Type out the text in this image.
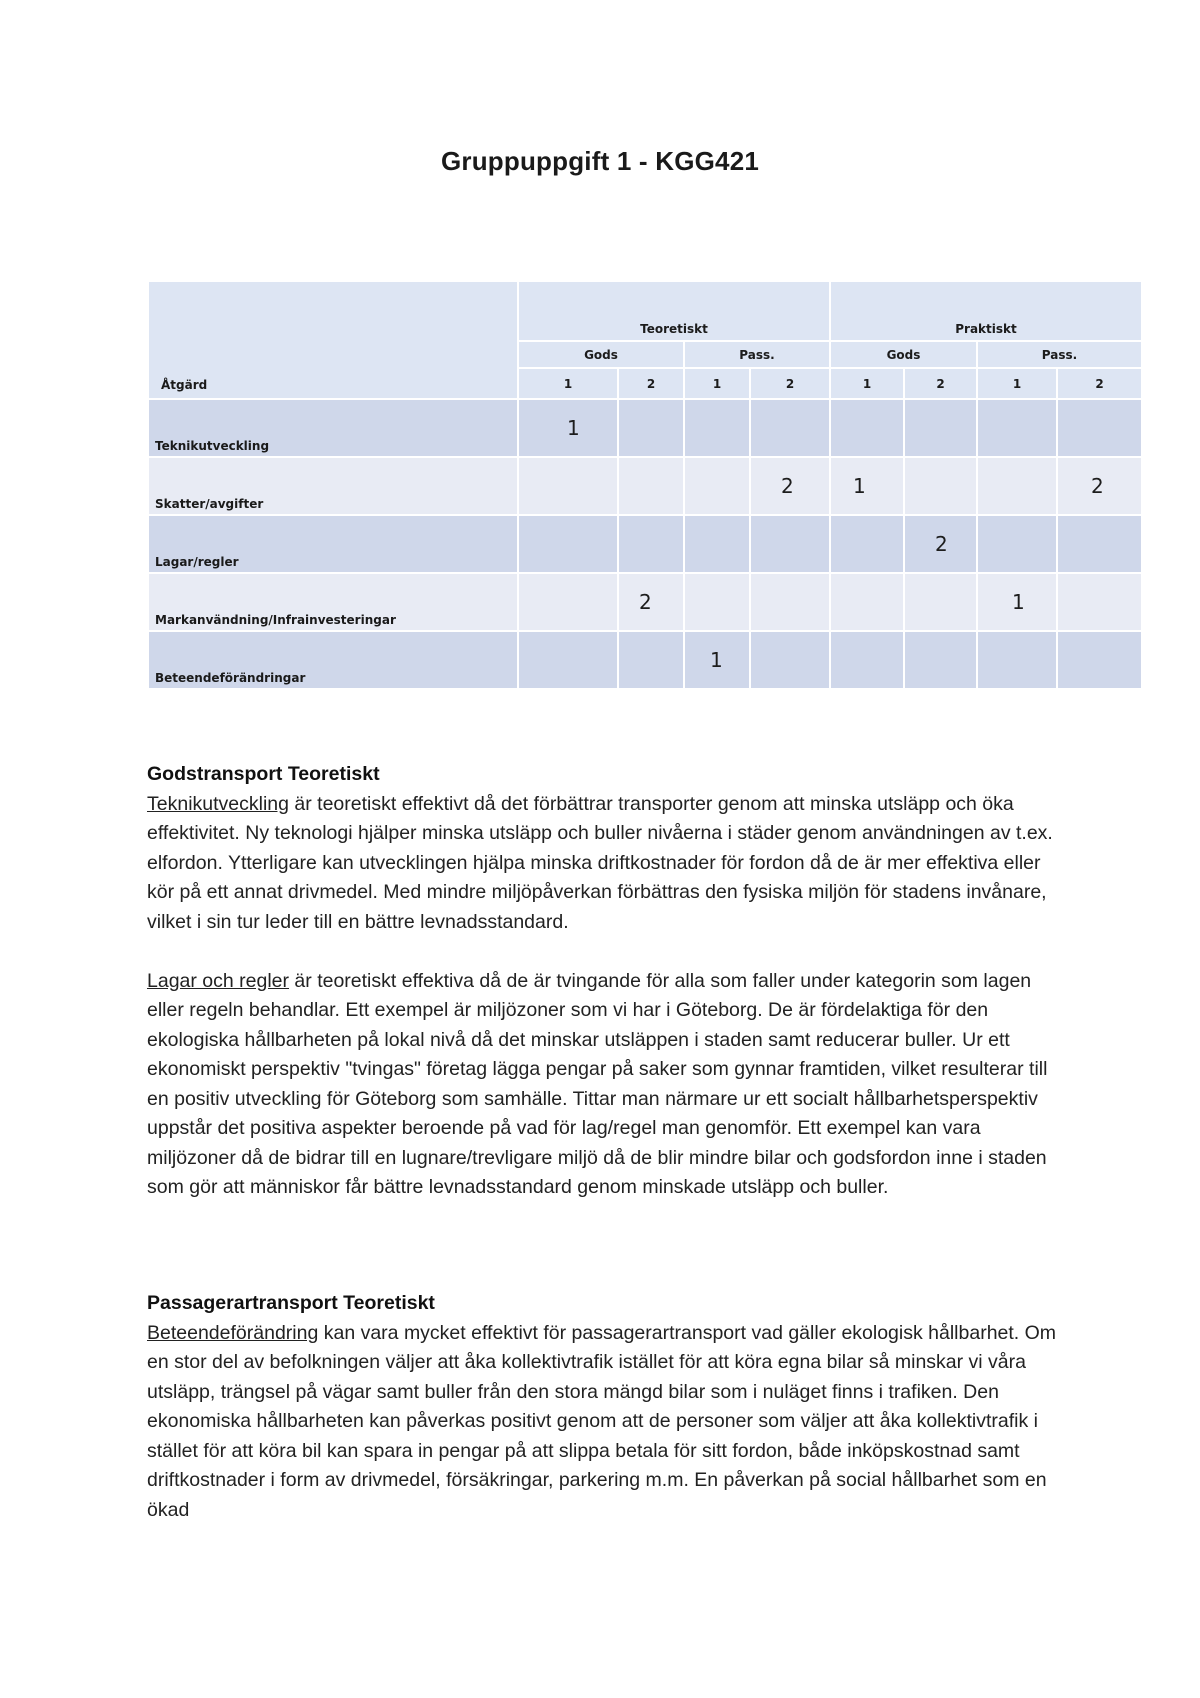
Gruppuppgift 1 - KGG421
Åtgärd	Teoretiskt				Praktiskt			
	Gods		Pass.		Gods		Pass.	
	1	2	1	2	1	2	1	2
Teknikutveckling	1							

Skatter/avgifter				2	1			2

Lagar/regler						2		

Markanvändning/Infrainvesteringar		2					1	

Beteendeförändringar			1					

Godstransport Teoretiskt

Teknikutveckling är teoretiskt effektivt då det förbättrar transporter genom att minska utsläpp och öka effektivitet. Ny teknologi hjälper minska utsläpp och buller nivåerna i städer genom användningen av t.ex. elfordon. Ytterligare kan utvecklingen hjälpa minska driftkostnader för fordon då de är mer effektiva eller kör på ett annat drivmedel. Med mindre miljöpåverkan förbättras den fysiska miljön för stadens invånare, vilket i sin tur leder till en bättre levnadsstandard.

Lagar och regler är teoretiskt effektiva då de är tvingande för alla som faller under kategorin som lagen eller regeln behandlar. Ett exempel är miljözoner som vi har i Göteborg. De är fördelaktiga för den ekologiska hållbarheten på lokal nivå då det minskar utsläppen i staden samt reducerar buller. Ur ett ekonomiskt perspektiv "tvingas" företag lägga pengar på saker som gynnar framtiden, vilket resulterar till en positiv utveckling för Göteborg som samhälle. Tittar man närmare ur ett socialt hållbarhetsperspektiv uppstår det positiva aspekter beroende på vad för lag/regel man genomför. Ett exempel kan vara miljözoner då de bidrar till en lugnare/trevligare miljö då de blir mindre bilar och godsfordon inne i staden som gör att människor får bättre levnadsstandard genom minskade utsläpp och buller.

Passagerartransport Teoretiskt

Beteendeförändring kan vara mycket effektivt för passagerartransport vad gäller ekologisk hållbarhet. Om en stor del av befolkningen väljer att åka kollektivtrafik istället för att köra egna bilar så minskar vi våra utsläpp, trängsel på vägar samt buller från den stora mängd bilar som i nuläget finns i trafiken. Den ekonomiska hållbarheten kan påverkas positivt genom att de personer som väljer att åka kollektivtrafik i stället för att köra bil kan spara in pengar på att slippa betala för sitt fordon, både inköpskostnad samt driftkostnader i form av drivmedel, försäkringar, parkering m.m. En påverkan på social hållbarhet som en ökad
